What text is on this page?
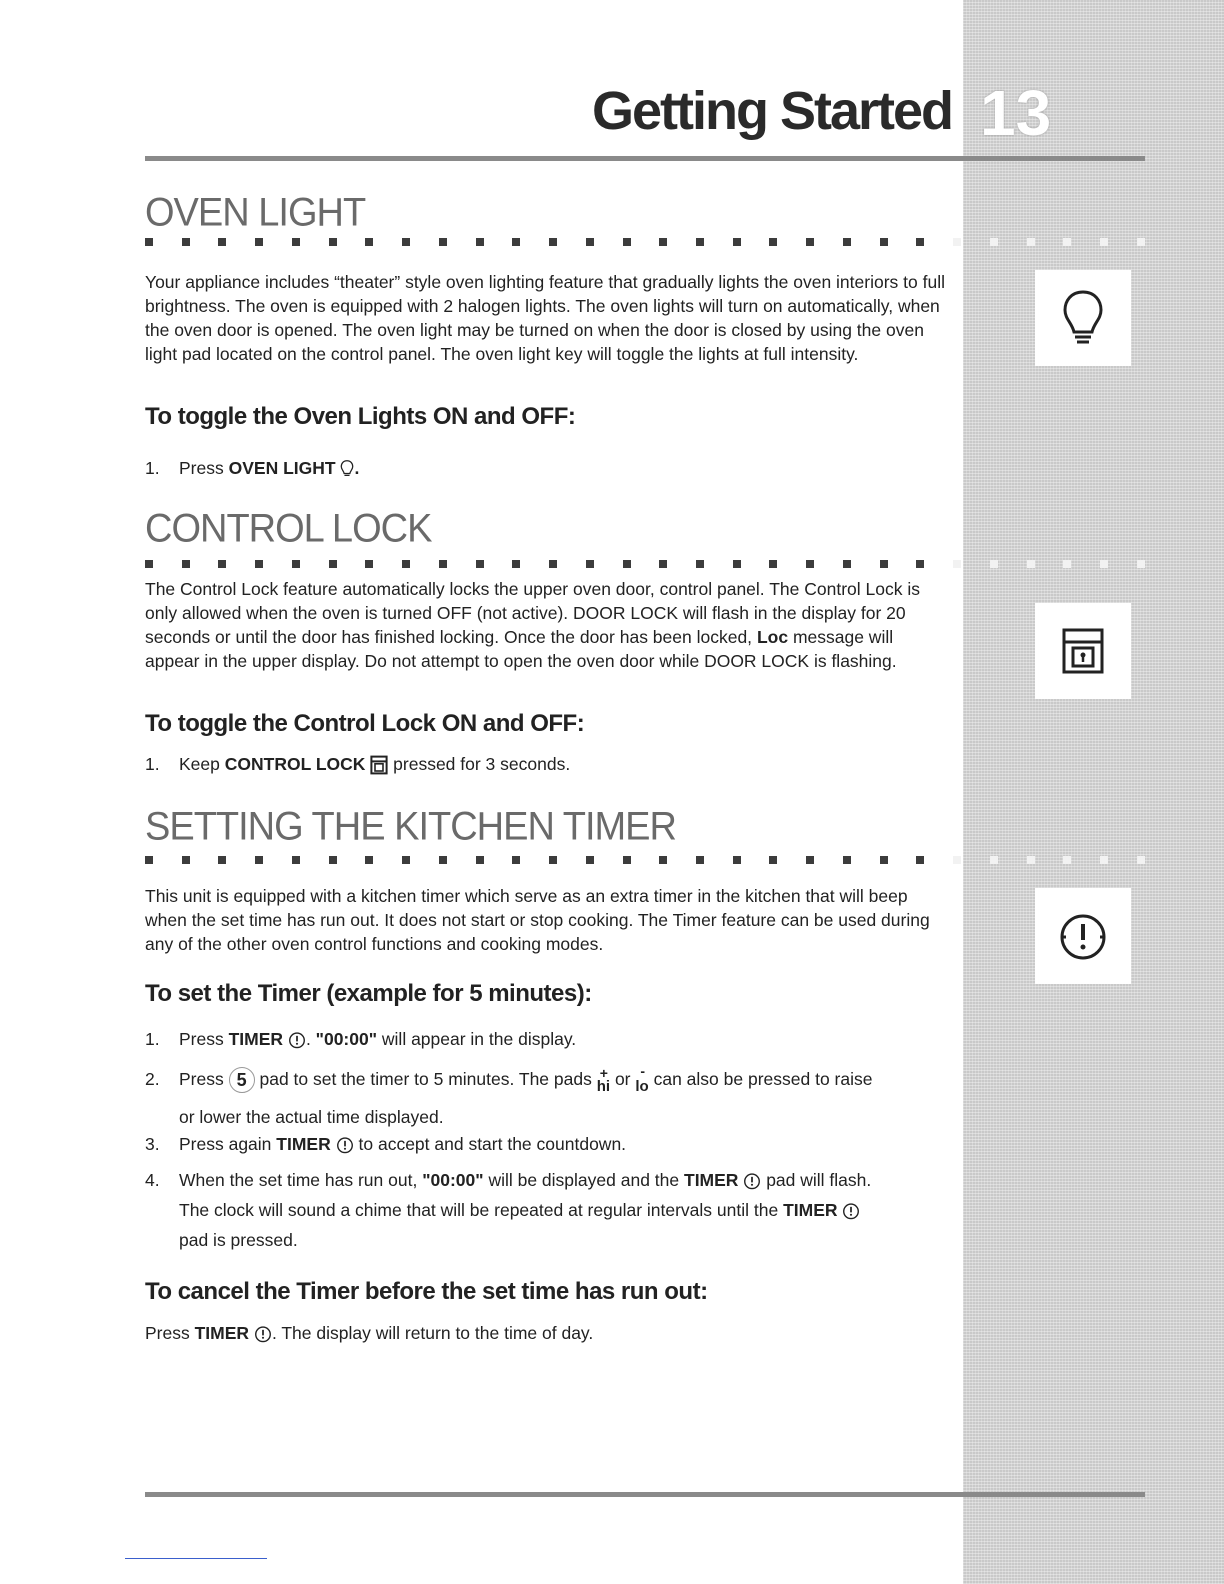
Getting Started 13
OVEN LIGHT
Your appliance includes “theater” style oven lighting feature that gradually lights the oven interiors to full brightness. The oven is equipped with 2 halogen lights. The oven lights will turn on automatically, when the oven door is opened. The oven light may be turned on when the door is closed by using the oven light pad located on the control panel. The oven light key will toggle the lights at full intensity.
To toggle the Oven Lights ON and OFF:
1. Press OVEN LIGHT .
CONTROL LOCK
The Control Lock feature automatically locks the upper oven door, control panel. The Control Lock is only allowed when the oven is turned OFF (not active). DOOR LOCK will flash in the display for 20 seconds or until the door has finished locking. Once the door has been locked, Loc message will appear in the upper display. Do not attempt to open the oven door while DOOR LOCK is flashing.
To toggle the Control Lock ON and OFF:
1. Keep CONTROL LOCK pressed for 3 seconds.
SETTING THE KITCHEN TIMER
This unit is equipped with a kitchen timer which serve as an extra timer in the kitchen that will beep when the set time has run out. It does not start or stop cooking. The Timer feature can be used during any of the other oven control functions and cooking modes.
To set the Timer (example for 5 minutes):
1. Press TIMER . "00:00" will appear in the display.
2. Press 5 pad to set the timer to 5 minutes. The pads +
hi or -
lo can also be pressed to raise
or lower the actual time displayed.
3. Press again TIMER to accept and start the countdown.
4. When the set time has run out, "00:00" will be displayed and the TIMER pad will flash.
The clock will sound a chime that will be repeated at regular intervals until the TIMER
pad is pressed.
To cancel the Timer before the set time has run out:
Press TIMER . The display will return to the time of day.
